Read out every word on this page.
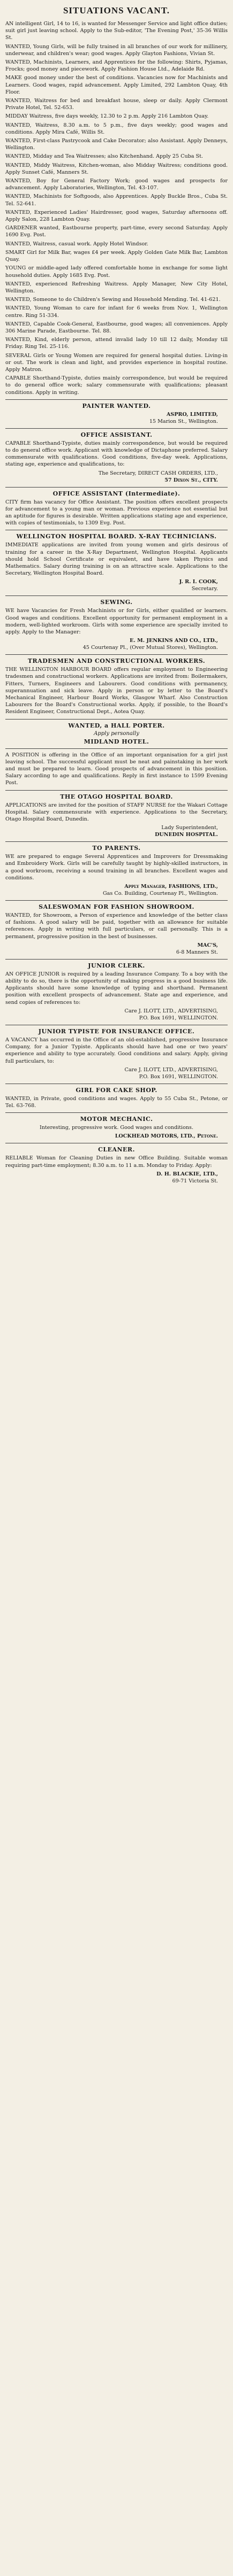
SITUATIONS VACANT.

AN intelligent Girl, 14 to 16, is wanted for Messenger Service and light office duties; suit girl just leaving school. Apply to the Sub-editor, 'The Evening Post,' 35-36 Willis St.

WANTED, Young Girls, will be fully trained in all branches of our work for millinery, underwear, and children's wear; good wages. Apply Glayton Fashions, Vivian St.

WANTED, Machinists, Learners, and Apprentices for the following: Shirts, Pyjamas, Frocks; good money and piecework. Apply Fashion House Ltd., Adelaide Rd.

MAKE good money under the best of conditions. Vacancies now for Machinists and Learners. Good wages, rapid advancement. Apply Limited, 292 Lambton Quay, 4th Floor.

WANTED, Waitress for bed and breakfast house, sleep or daily. Apply Clermont Private Hotel, Tel. 52-653.

MIDDAY Waitress, five days weekly, 12.30 to 2 p.m. Apply 216 Lambton Quay.

WANTED, Waitress, 8.30 a.m. to 5 p.m., five days weekly; good wages and conditions. Apply Mira Café, Willis St.

WANTED, First-class Pastrycook and Cake Decorator; also Assistant. Apply Denneys, Wellington.

WANTED, Midday and Tea Waitresses; also Kitchenhand. Apply 25 Cuba St.

WANTED, Middy Waitress, Kitchen-woman, also Midday Waitress; conditions good. Apply Sunset Café, Manners St.

WANTED, Boy for General Factory Work; good wages and prospects for advancement. Apply Laboratories, Wellington, Tel. 43-107.

WANTED, Machinists for Softgoods, also Apprentices. Apply Buckle Bros., Cuba St. Tel. 52-641.

WANTED, Experienced Ladies' Hairdresser, good wages, Saturday afternoons off. Apply Salon, 228 Lambton Quay.

GARDENER wanted, Eastbourne property, part-time, every second Saturday. Apply 1690 Evg. Post.

WANTED, Waitress, casual work. Apply Hotel Windsor.

SMART Girl for Milk Bar, wages £4 per week. Apply Golden Gate Milk Bar, Lambton Quay.

YOUNG or middle-aged lady offered comfortable home in exchange for some light household duties. Apply 1685 Evg. Post.

WANTED, experienced Refreshing Waitress. Apply Manager, New City Hotel, Wellington.

WANTED, Someone to do Children's Sewing and Household Mending. Tel. 41-621.

WANTED, Young Woman to care for infant for 6 weeks from Nov. 1, Wellington centre. Ring 51-334.

WANTED, Capable Cook-General, Eastbourne, good wages; all conveniences. Apply 306 Marine Parade, Eastbourne. Tel. 88.

WANTED, Kind, elderly person, attend invalid lady 10 till 12 daily, Monday till Friday. Ring Tel. 25-116.

SEVERAL Girls or Young Women are required for general hospital duties. Living-in or out. The work is clean and light, and provides experience in hospital routine. Apply Matron.

CAPABLE Shorthand-Typiste, duties mainly correspondence, but would be required to do general office work; salary commensurate with qualifications; pleasant conditions. Apply in writing.

PAINTER WANTED.
ASPRO, LIMITED,
15 Marion St., Wellington.
OFFICE ASSISTANT.

CAPABLE Shorthand-Typiste, duties mainly correspondence, but would be required to do general office work. Applicant with knowledge of Dictaphone preferred. Salary commensurate with qualifications. Good conditions, five-day week. Applications, stating age, experience and qualifications, to:

The Secretary, DIRECT CASH ORDERS, LTD.,
57 Dixon St., CITY.
OFFICE ASSISTANT (Intermediate).

CITY firm has vacancy for Office Assistant. The position offers excellent prospects for advancement to a young man or woman. Previous experience not essential but an aptitude for figures is desirable. Written applications stating age and experience, with copies of testimonials, to 1309 Evg. Post.

WELLINGTON HOSPITAL BOARD. X-RAY TECHNICIANS.

IMMEDIATE applications are invited from young women and girls desirous of training for a career in the X-Ray Department, Wellington Hospital. Applicants should hold School Certificate or equivalent, and have taken Physics and Mathematics. Salary during training is on an attractive scale. Applications to the Secretary, Wellington Hospital Board.

J. R. I. COOK,
Secretary.
SEWING.

WE have Vacancies for Fresh Machinists or for Girls, either qualified or learners. Good wages and conditions. Excellent opportunity for permanent employment in a modern, well-lighted workroom. Girls with some experience are specially invited to apply. Apply to the Manager:

E. M. JENKINS AND CO., LTD.,
45 Courtenay Pl., (Over Mutual Stores), Wellington.
TRADESMEN AND CONSTRUCTIONAL WORKERS.

THE WELLINGTON HARBOUR BOARD offers regular employment to Engineering tradesmen and constructional workers. Applications are invited from: Boilermakers, Fitters, Turners, Engineers and Labourers. Good conditions with permanency, superannuation and sick leave. Apply in person or by letter to the Board's Mechanical Engineer, Harbour Board Works, Glasgow Wharf. Also Construction Labourers for the Board's Constructional works. Apply, if possible, to the Board's Resident Engineer, Constructional Dept., Aotea Quay.

WANTED, a HALL PORTER.
Apply personally
MIDLAND HOTEL.

A POSITION is offering in the Office of an important organisation for a girl just leaving school. The successful applicant must be neat and painstaking in her work and must be prepared to learn. Good prospects of advancement in this position. Salary according to age and qualifications. Reply in first instance to 1599 Evening Post.

THE OTAGO HOSPITAL BOARD.

APPLICATIONS are invited for the position of STAFF NURSE for the Wakari Cottage Hospital. Salary commensurate with experience. Applications to the Secretary, Otago Hospital Board, Dunedin.

Lady Superintendent,
DUNEDIN HOSPITAL.
TO PARENTS.

WE are prepared to engage Several Apprentices and Improvers for Dressmaking and Embroidery Work. Girls will be carefully taught by highly-skilled instructors, in a good workroom, receiving a sound training in all branches. Excellent wages and conditions.

Apply Manager, FASHIONS, LTD.,
Gas Co. Building, Courtenay Pl., Wellington.
SALESWOMAN FOR FASHION SHOWROOM.

WANTED, for Showroom, a Person of experience and knowledge of the better class of fashions. A good salary will be paid, together with an allowance for suitable references. Apply in writing with full particulars, or call personally. This is a permanent, progressive position in the best of businesses.

MAC'S,
6-8 Manners St.
JUNIOR CLERK.

AN OFFICE JUNIOR is required by a leading Insurance Company. To a boy with the ability to do so, there is the opportunity of making progress in a good business life. Applicants should have some knowledge of typing and shorthand. Permanent position with excellent prospects of advancement. State age and experience, and send copies of references to:

Care J. ILOTT, LTD., ADVERTISING,
P.O. Box 1691, WELLINGTON.
JUNIOR TYPISTE FOR INSURANCE OFFICE.

A VACANCY has occurred in the Office of an old-established, progressive Insurance Company, for a Junior Typiste. Applicants should have had one or two years' experience and ability to type accurately. Good conditions and salary. Apply, giving full particulars, to:

Care J. ILOTT, LTD., ADVERTISING,
P.O. Box 1691, WELLINGTON.
GIRL FOR CAKE SHOP.

WANTED, in Private, good conditions and wages. Apply to 55 Cuba St., Petone, or Tel. 63-768.

MOTOR MECHANIC.

Interesting, progressive work. Good wages and conditions.

LOCKHEAD MOTORS, LTD., Petone.
CLEANER.

RELIABLE Woman for Cleaning Duties in new Office Building. Suitable woman requiring part-time employment; 8.30 a.m. to 11 a.m. Monday to Friday. Apply:

D. H. BLACKIE, LTD.,
69-71 Victoria St.
